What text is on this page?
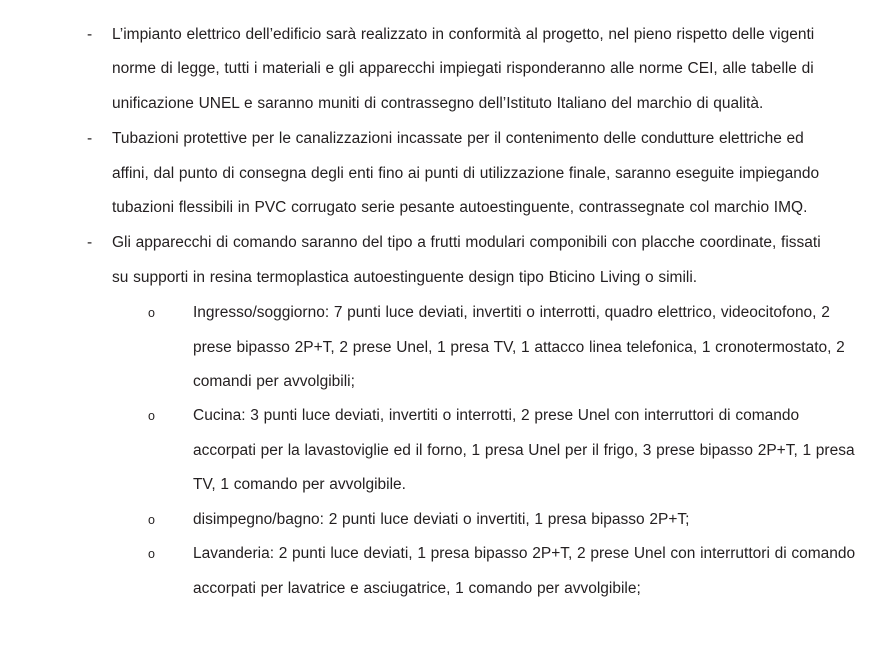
-	L’impianto elettrico dell’edificio sarà realizzato in conformità al progetto, nel pieno rispetto delle vigenti norme di legge, tutti i materiali e gli apparecchi impiegati risponderanno alle norme CEI, alle tabelle di unificazione UNEL e saranno muniti di contrassegno dell’Istituto Italiano del marchio di qualità.

-	Tubazioni protettive per le canalizzazioni incassate per il contenimento delle condutture elettriche ed affini, dal punto di consegna degli enti fino ai punti di utilizzazione finale, saranno eseguite impiegando tubazioni flessibili in PVC corrugato serie pesante autoestinguente, contrassegnate col marchio IMQ.

-	Gli apparecchi di comando saranno del tipo a frutti modulari componibili con placche coordinate, fissati su supporti in resina termoplastica autoestinguente design tipo Bticino Living o simili.

o	Ingresso/soggiorno: 7 punti luce deviati, invertiti o interrotti, quadro elettrico, videocitofono, 2 prese bipasso 2P+T, 2 prese Unel, 1 presa TV, 1 attacco linea telefonica, 1 cronotermostato, 2 comandi per avvolgibili;

o	Cucina: 3 punti luce deviati, invertiti o interrotti, 2 prese Unel con interruttori di comando accorpati per la lavastoviglie ed il forno, 1 presa Unel per il frigo, 3 prese bipasso 2P+T, 1 presa TV, 1 comando per avvolgibile.

o	disimpegno/bagno: 2 punti luce deviati o invertiti, 1 presa bipasso 2P+T;

o	Lavanderia: 2 punti luce deviati, 1 presa bipasso 2P+T, 2 prese Unel con interruttori di comando accorpati per lavatrice e asciugatrice, 1 comando per avvolgibile;
